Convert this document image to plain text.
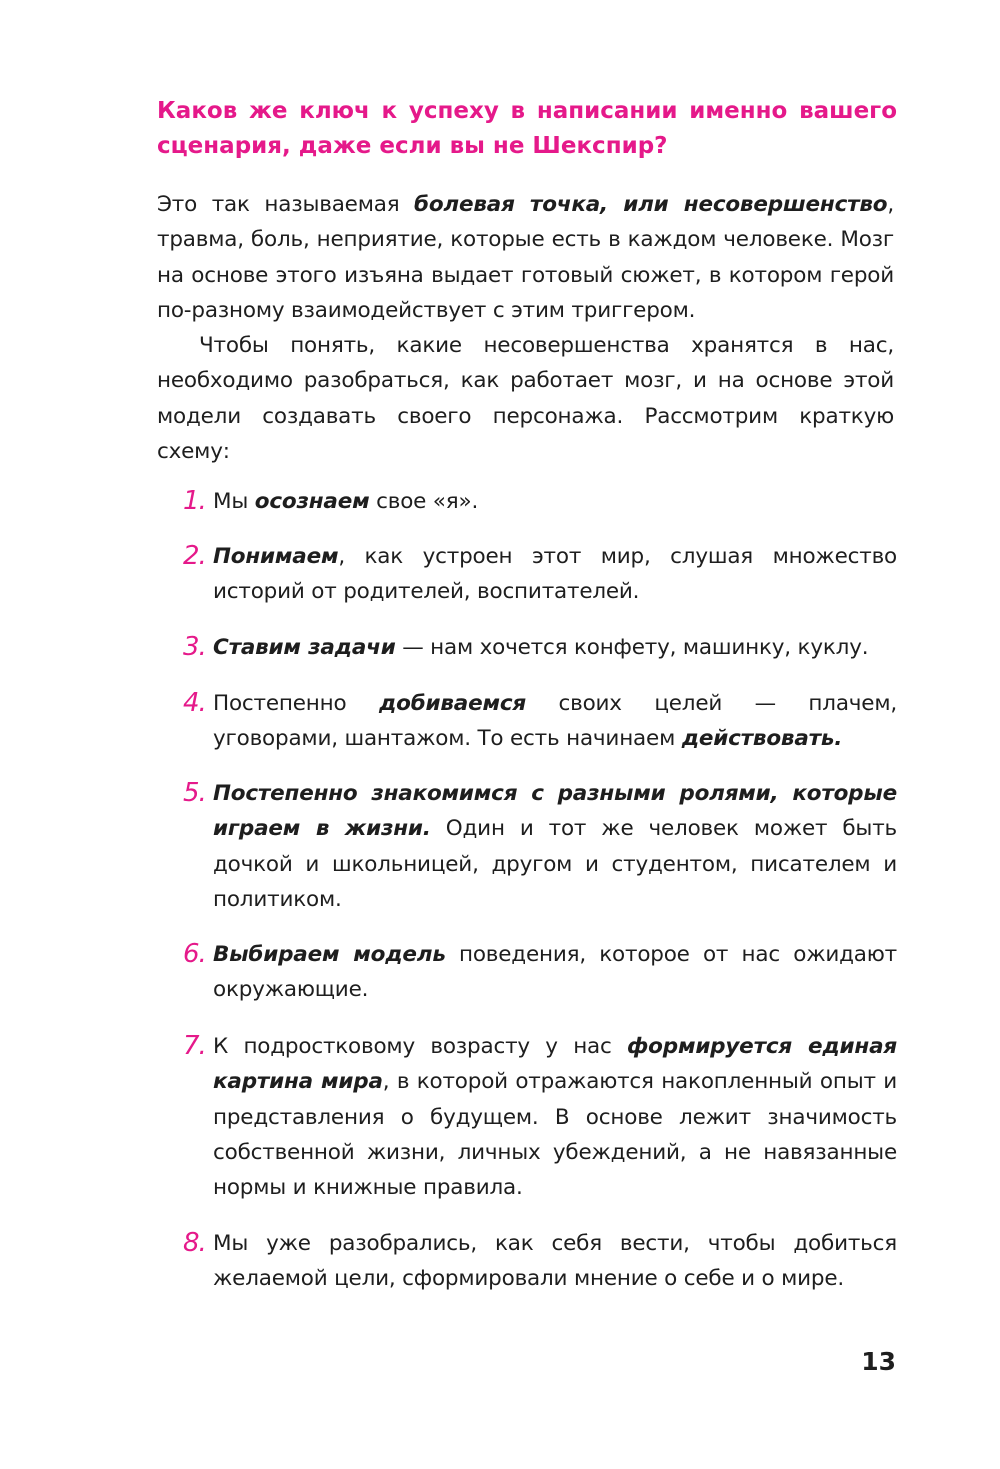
Каков же ключ к успеху в написании именно вашего сценария, даже если вы не Шекспир?

Это так называемая болевая точка, или несовершенство, травма, боль, неприятие, которые есть в каждом человеке. Мозг на основе этого изъяна выдает готовый сюжет, в котором герой по-разному взаимодействует с этим триггером.

Чтобы понять, какие несовершенства хранятся в нас, необходимо разобраться, как работает мозг, и на основе этой модели создавать своего персонажа. Рассмотрим краткую схему:

1. Мы осознаем свое «я».
2. Понимаем, как устроен этот мир, слушая множество историй от родителей, воспитателей.
3. Ставим задачи — нам хочется конфету, машинку, куклу.
4. Постепенно добиваемся своих целей — плачем, уговорами, шантажом. То есть начинаем действовать.
5. Постепенно знакомимся с разными ролями, которые играем в жизни. Один и тот же человек может быть дочкой и школьницей, другом и студентом, писателем и политиком.
6. Выбираем модель поведения, которое от нас ожидают окружающие.
7. К подростковому возрасту у нас формируется единая картина мира, в которой отражаются накопленный опыт и представления о будущем. В основе лежит значимость собственной жизни, личных убеждений, а не навязанные нормы и книжные правила.
8. Мы уже разобрались, как себя вести, чтобы добиться желаемой цели, сформировали мнение о себе и о мире.
13
